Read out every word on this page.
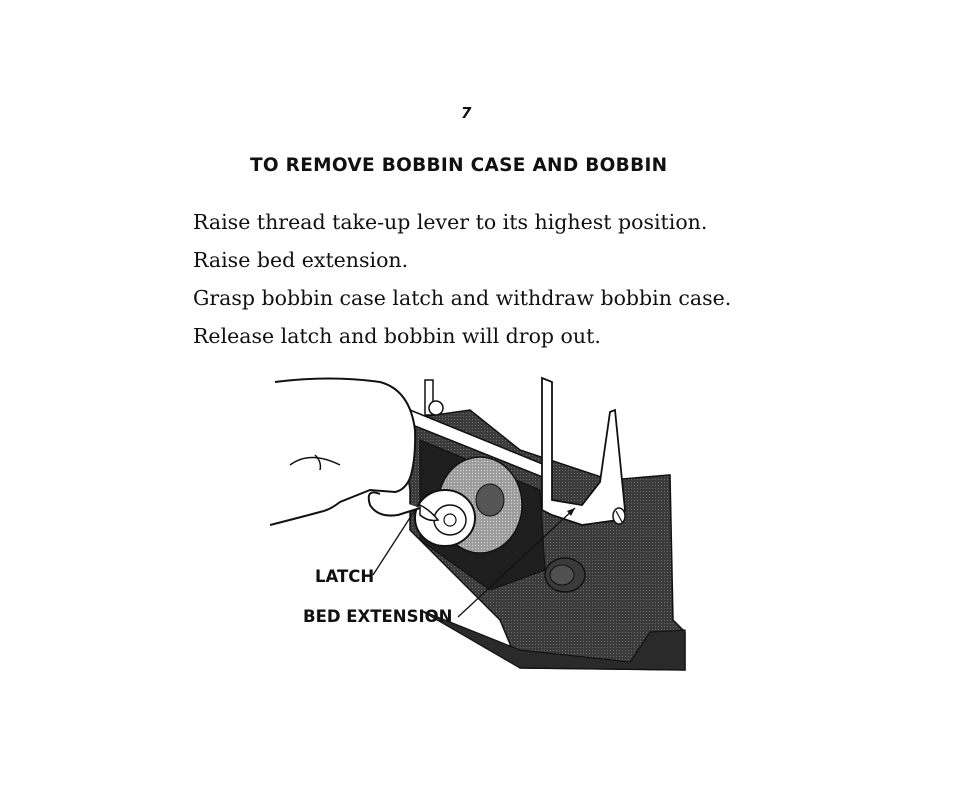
7
TO REMOVE BOBBIN CASE AND BOBBIN
Raise thread take-up lever to its highest position.
Raise bed extension.
Grasp bobbin case latch and withdraw bobbin case.
Release latch and bobbin will drop out.
LATCH
BED EXTENSION
